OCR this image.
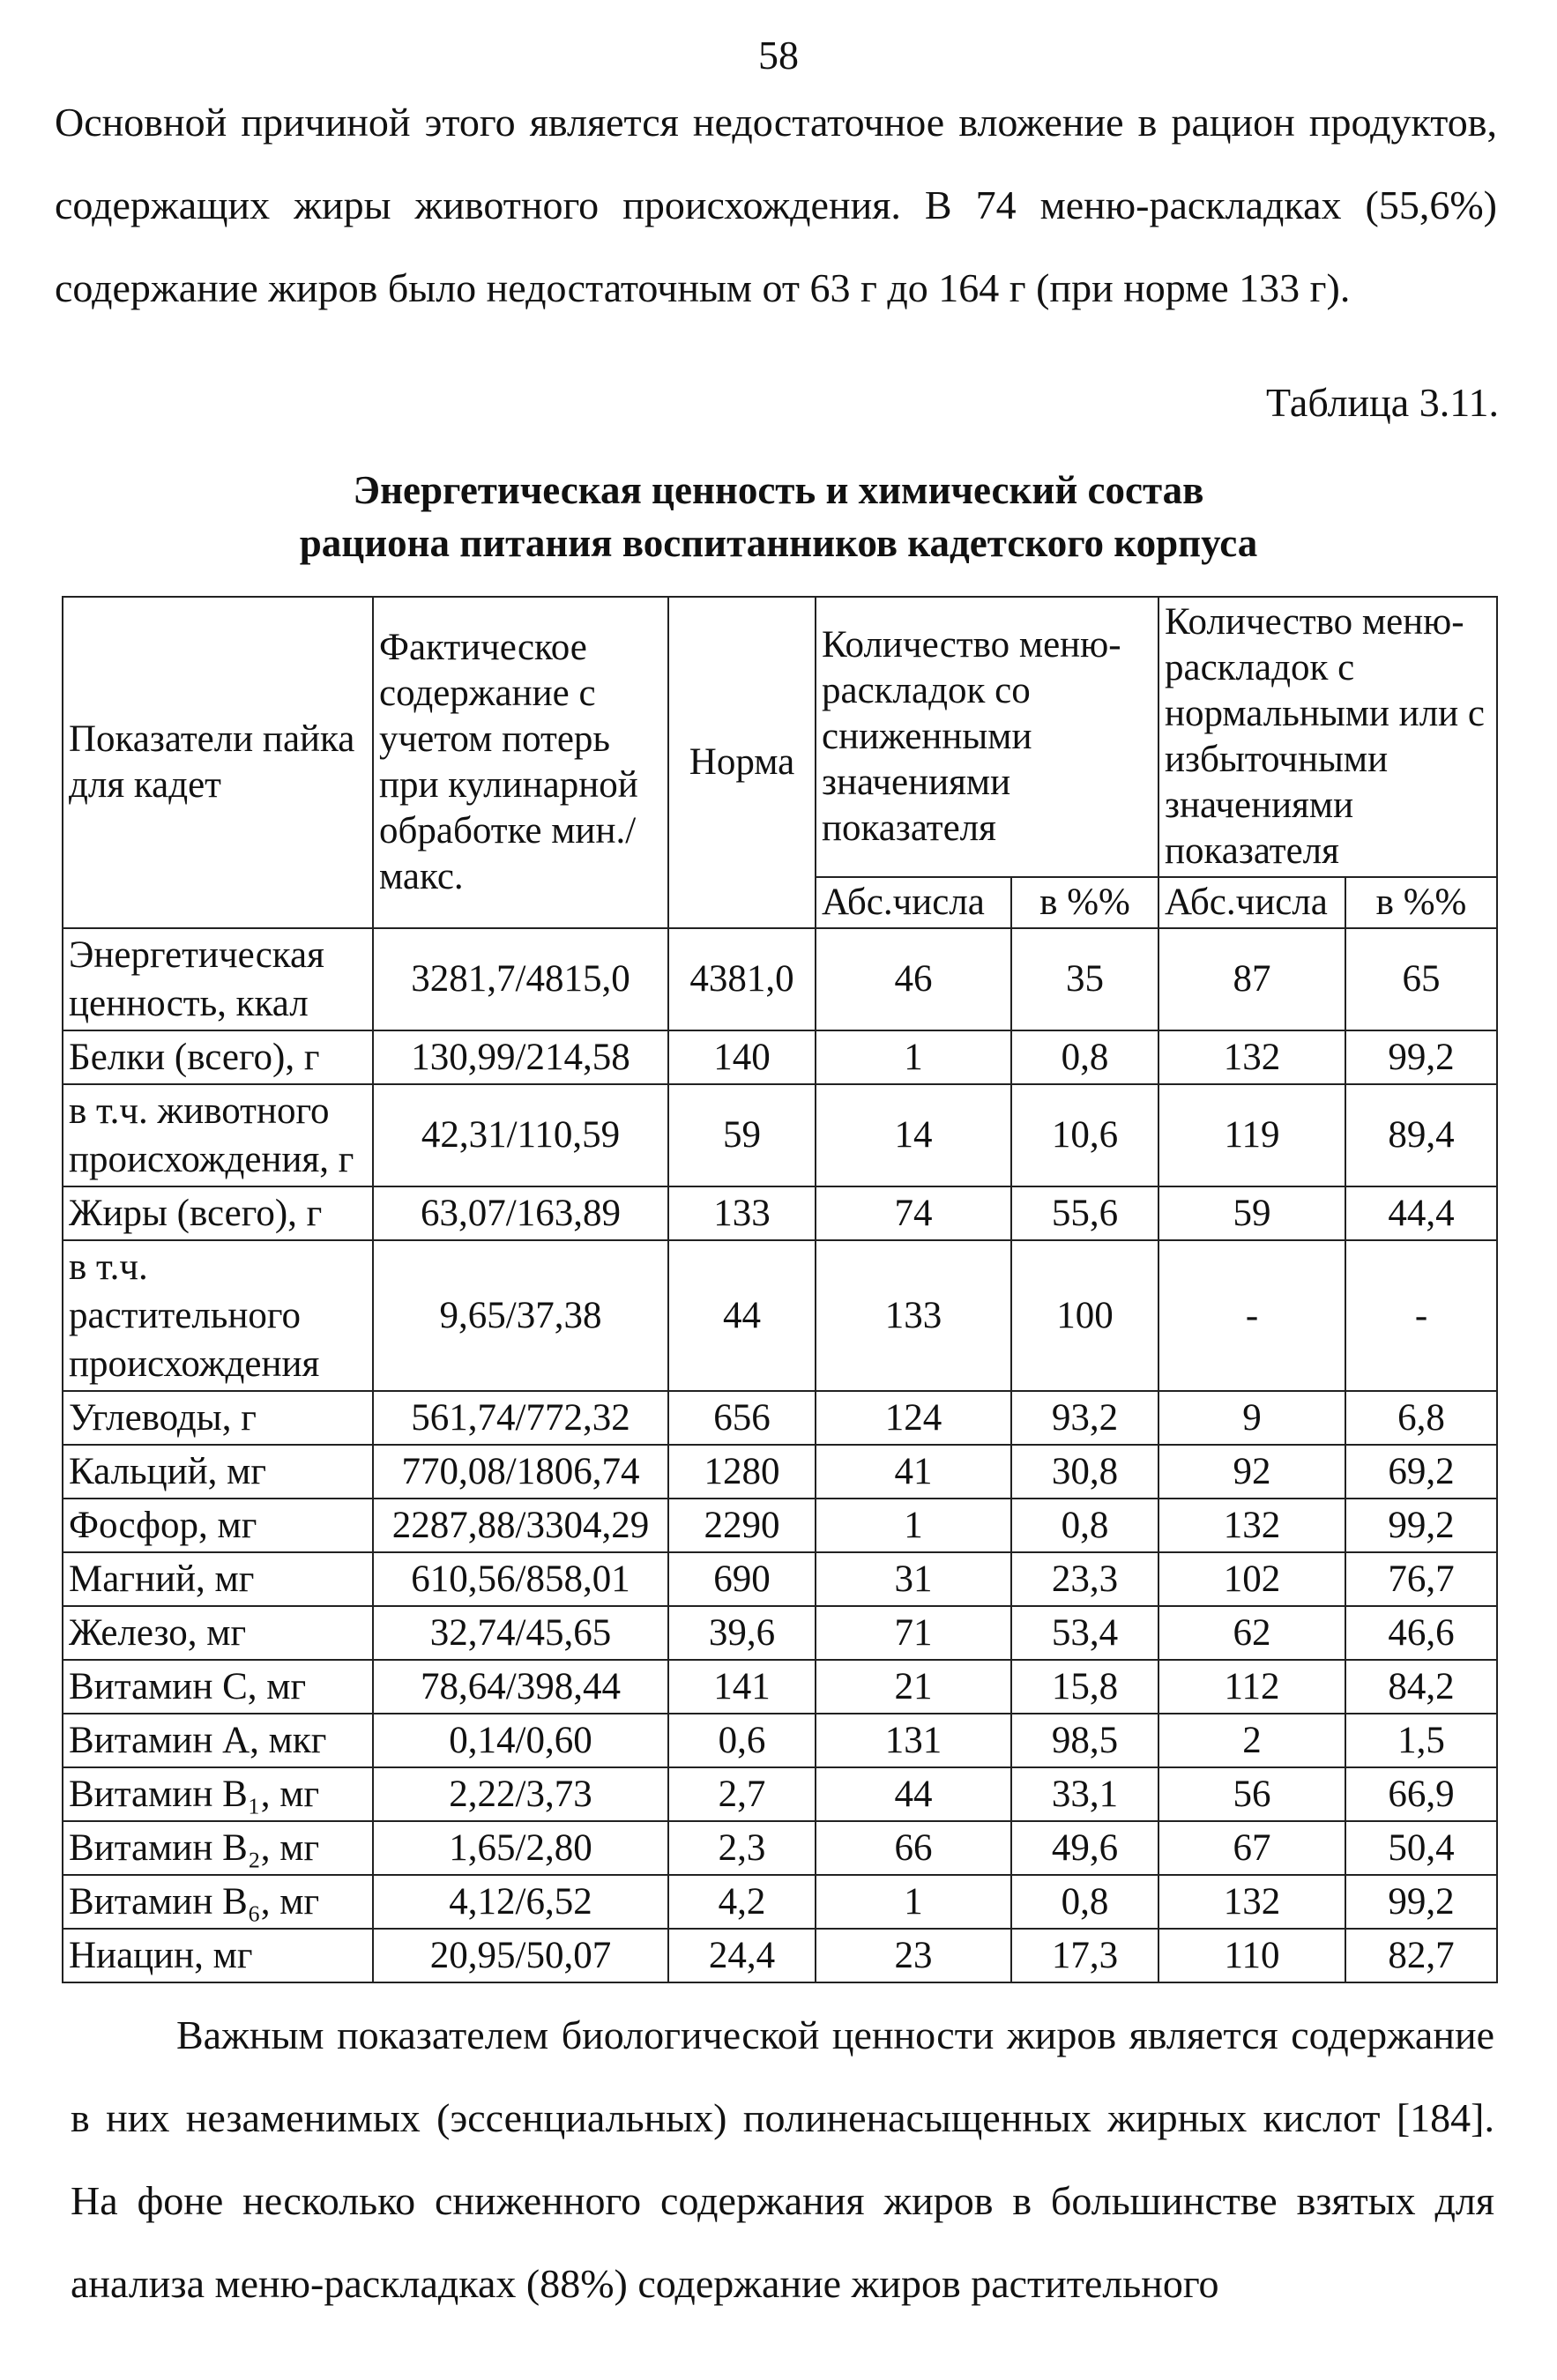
58
Основной причиной этого является недостаточное вложение в рацион продуктов, содержащих жиры животного происхождения. В 74 меню-раскладках (55,6%) содержание жиров было недостаточным от 63 г до 164 г (при норме 133 г).
Таблица 3.11.
Энергетическая ценность и химический состав
рациона питания воспитанников кадетского корпуса
Показатели пайка для кадет	Фактическое содержание с учетом потерь при кулинарной обработке мин./макс.	Норма	Количество меню-раскладок со сниженными значениями показателя		Количество меню-раскладок с нормальными или с избыточными значениями показателя	
			Абс.числа	в %%	Абс.числа	в %%
Энергетическая ценность, ккал	3281,7/4815,0	4381,0	46	35	87	65
Белки (всего), г	130,99/214,58	140	1	0,8	132	99,2
в т.ч. животного происхождения, г	42,31/110,59	59	14	10,6	119	89,4
Жиры (всего), г	63,07/163,89	133	74	55,6	59	44,4
в т.ч. растительного происхождения	9,65/37,38	44	133	100	-	-
Углеводы, г	561,74/772,32	656	124	93,2	9	6,8
Кальций, мг	770,08/1806,74	1280	41	30,8	92	69,2
Фосфор, мг	2287,88/3304,29	2290	1	0,8	132	99,2
Магний, мг	610,56/858,01	690	31	23,3	102	76,7
Железо, мг	32,74/45,65	39,6	71	53,4	62	46,6
Витамин С, мг	78,64/398,44	141	21	15,8	112	84,2
Витамин А, мкг	0,14/0,60	0,6	131	98,5	2	1,5
Витамин В₁, мг	2,22/3,73	2,7	44	33,1	56	66,9
Витамин В₂, мг	1,65/2,80	2,3	66	49,6	67	50,4
Витамин В₆, мг	4,12/6,52	4,2	1	0,8	132	99,2
Ниацин, мг	20,95/50,07	24,4	23	17,3	110	82,7
Важным показателем биологической ценности жиров является содержание в них незаменимых (эссенциальных) полиненасыщенных жирных кислот [184]. На фоне несколько сниженного содержания жиров в большинстве взятых для анализа меню-раскладках (88%) содержание жиров растительного
